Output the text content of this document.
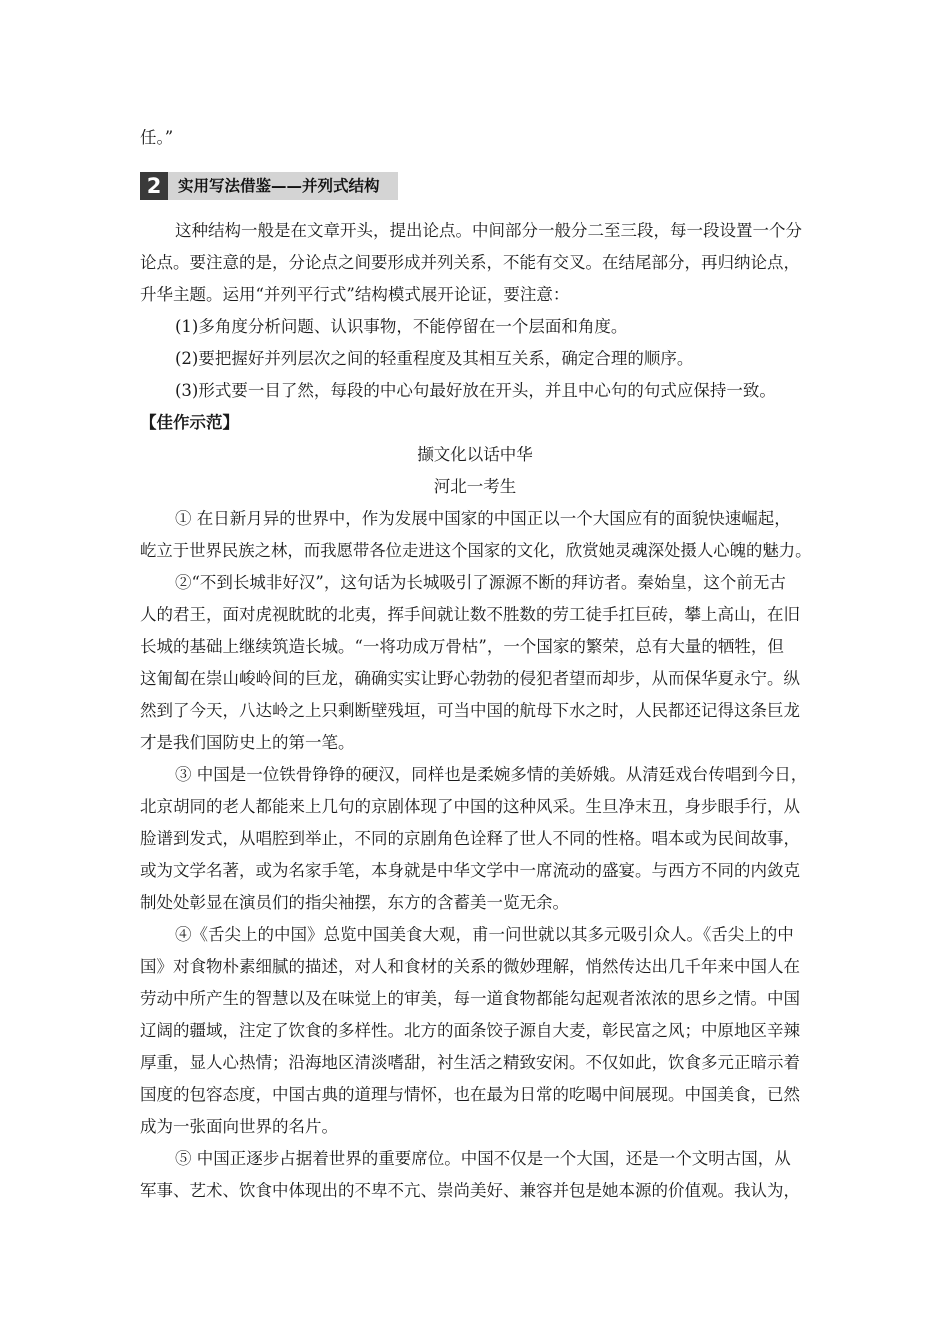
任。”
2	实用写法借鉴——并列式结构
这种结构一般是在文章开头，提出论点。中间部分一般分二至三段，每一段设置一个分
论点。要注意的是，分论点之间要形成并列关系，不能有交叉。在结尾部分，再归纳论点，
升华主题。运用“并列平行式”结构模式展开论证，要注意：
(1)多角度分析问题、认识事物，不能停留在一个层面和角度。
(2)要把握好并列层次之间的轻重程度及其相互关系，确定合理的顺序。
(3)形式要一目了然，每段的中心句最好放在开头，并且中心句的句式应保持一致。
【佳作示范】
撷文化以话中华
河北一考生
① 在日新月异的世界中，作为发展中国家的中国正以一个大国应有的面貌快速崛起，
屹立于世界民族之林，而我愿带各位走进这个国家的文化，欣赏她灵魂深处摄人心魄的魅力。
②“不到长城非好汉”，这句话为长城吸引了源源不断的拜访者。秦始皇，这个前无古
人的君王，面对虎视眈眈的北夷，挥手间就让数不胜数的劳工徒手扛巨砖，攀上高山，在旧
长城的基础上继续筑造长城。“一将功成万骨枯”，一个国家的繁荣，总有大量的牺牲，但
这匍匐在崇山峻岭间的巨龙，确确实实让野心勃勃的侵犯者望而却步，从而保华夏永宁。纵
然到了今天，八达岭之上只剩断壁残垣，可当中国的航母下水之时，人民都还记得这条巨龙
才是我们国防史上的第一笔。
③ 中国是一位铁骨铮铮的硬汉，同样也是柔婉多情的美娇娥。从清廷戏台传唱到今日，
北京胡同的老人都能来上几句的京剧体现了中国的这种风采。生旦净末丑，身步眼手行，从
脸谱到发式，从唱腔到举止，不同的京剧角色诠释了世人不同的性格。唱本或为民间故事，
或为文学名著，或为名家手笔，本身就是中华文学中一席流动的盛宴。与西方不同的内敛克
制处处彰显在演员们的指尖袖摆，东方的含蓄美一览无余。
④《舌尖上的中国》总览中国美食大观，甫一问世就以其多元吸引众人。《舌尖上的中
国》对食物朴素细腻的描述，对人和食材的关系的微妙理解，悄然传达出几千年来中国人在
劳动中所产生的智慧以及在味觉上的审美，每一道食物都能勾起观者浓浓的思乡之情。中国
辽阔的疆域，注定了饮食的多样性。北方的面条饺子源自大麦，彰民富之风；中原地区辛辣
厚重，显人心热情；沿海地区清淡嗜甜，衬生活之精致安闲。不仅如此，饮食多元正暗示着
国度的包容态度，中国古典的道理与情怀，也在最为日常的吃喝中间展现。中国美食，已然
成为一张面向世界的名片。
⑤ 中国正逐步占据着世界的重要席位。中国不仅是一个大国，还是一个文明古国，从
军事、艺术、饮食中体现出的不卑不亢、崇尚美好、兼容并包是她本源的价值观。我认为，
